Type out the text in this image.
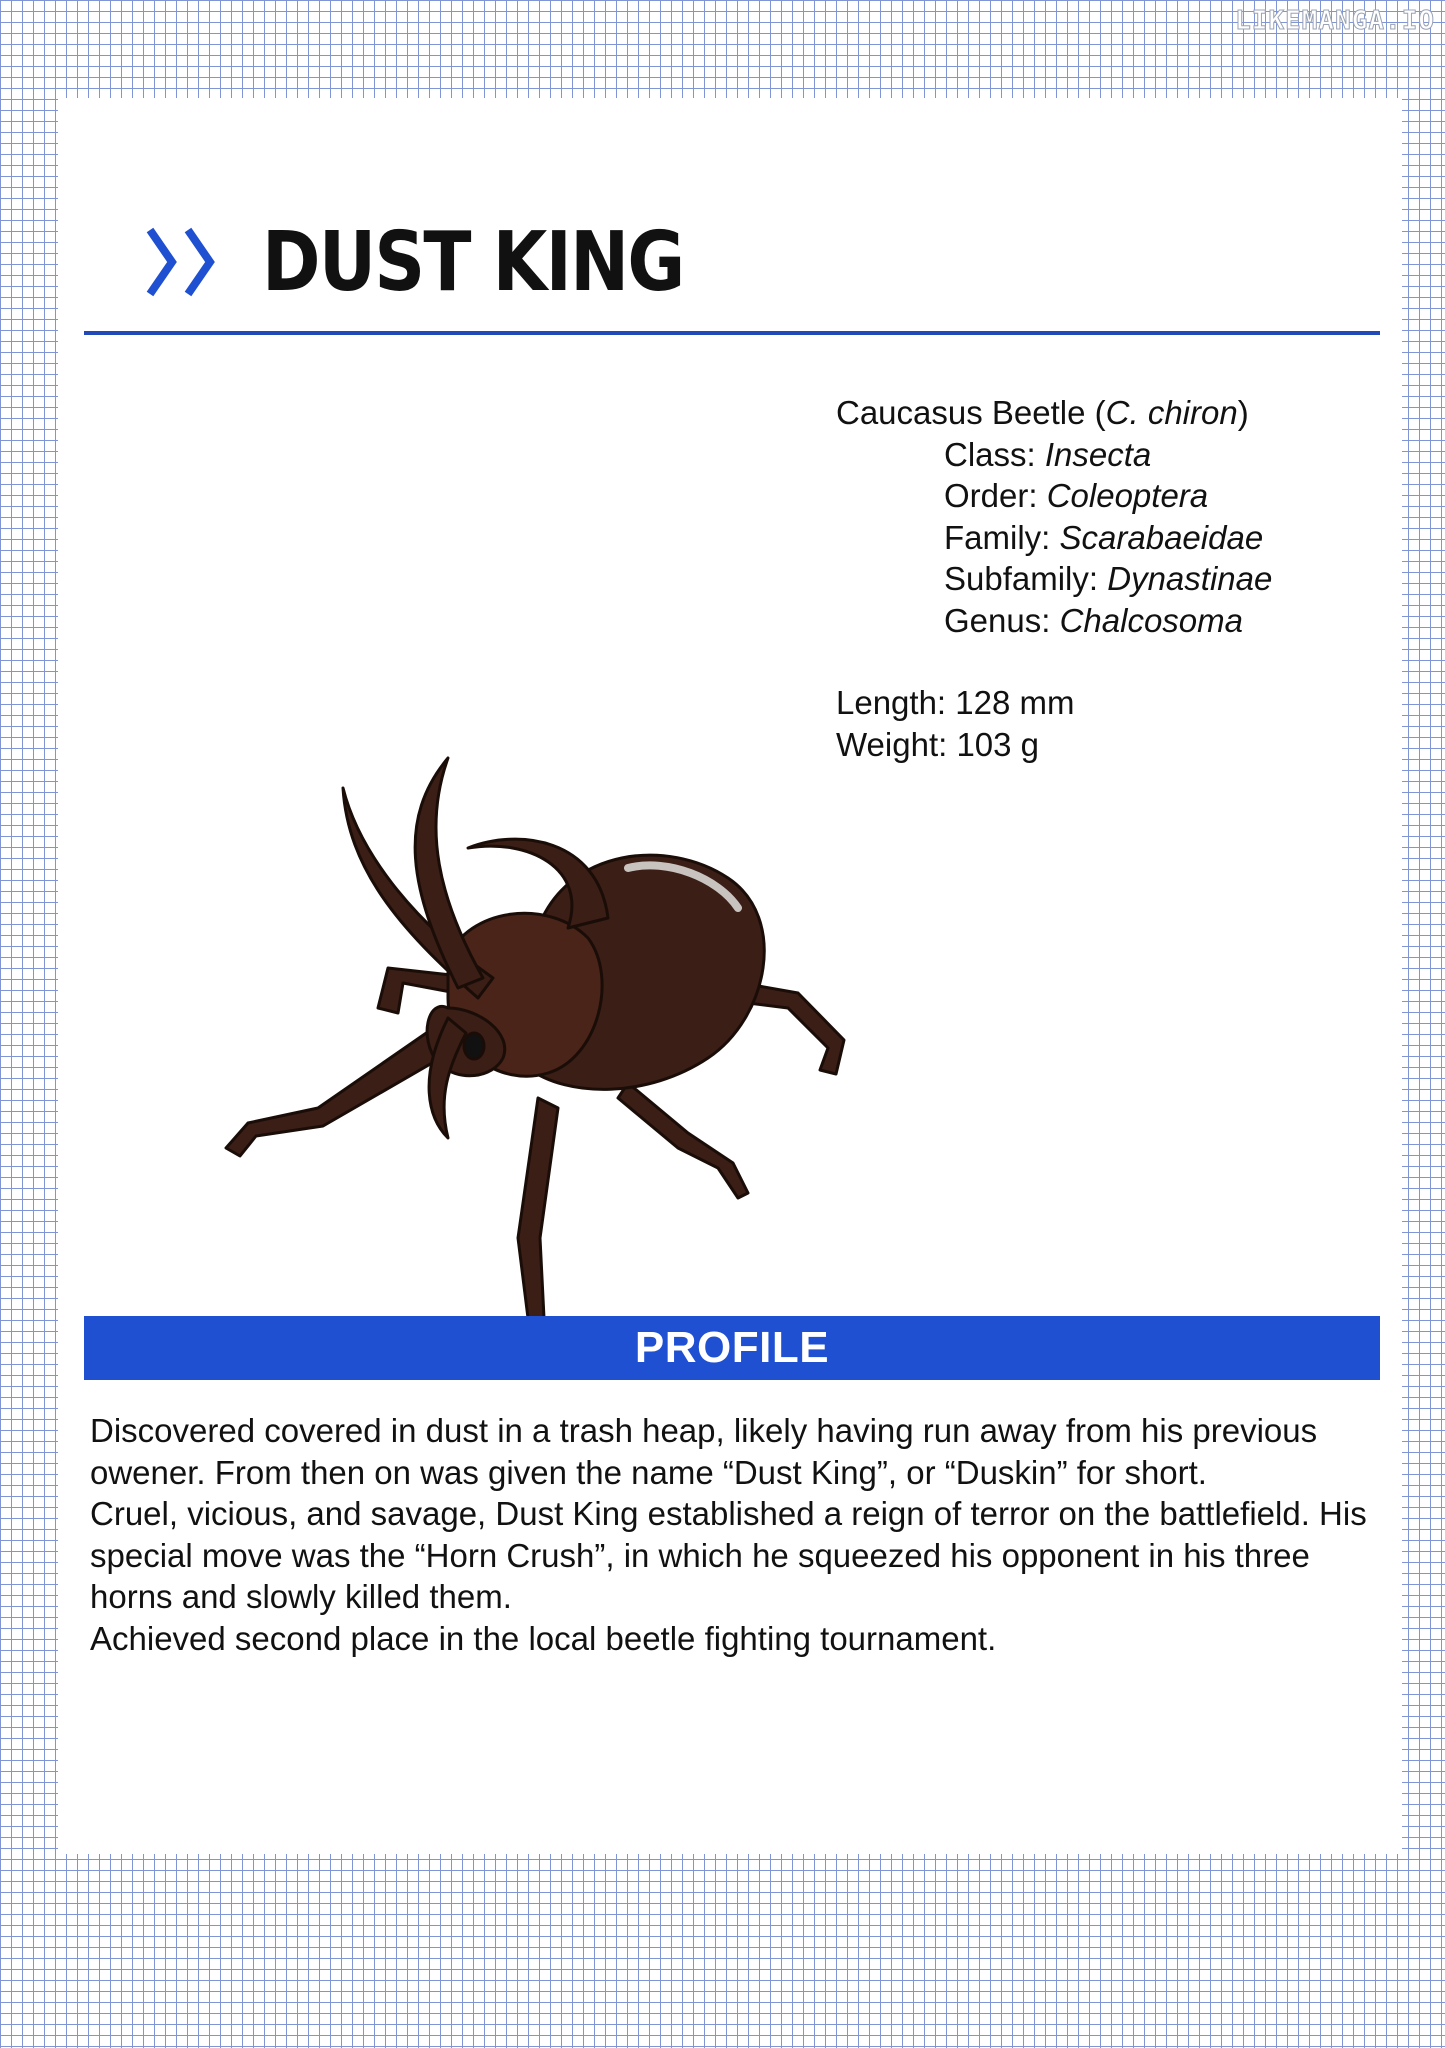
LIKEMANGA.IO
DUST KING
Caucasus Beetle (C. chiron)
Class: Insecta
Order: Coleoptera
Family: Scarabaeidae
Subfamily: Dynastinae
Genus: Chalcosoma
Length: 128 mm
Weight: 103 g
PROFILE

Discovered covered in dust in a trash heap, likely having run away from his previous owener. From then on was given the name “Dust King”, or “Duskin” for short.

Cruel, vicious, and savage, Dust King established a reign of terror on the battlefield. His special move was the “Horn Crush”, in which he squeezed his opponent in his three horns and slowly killed them.

Achieved second place in the local beetle fighting tournament.
